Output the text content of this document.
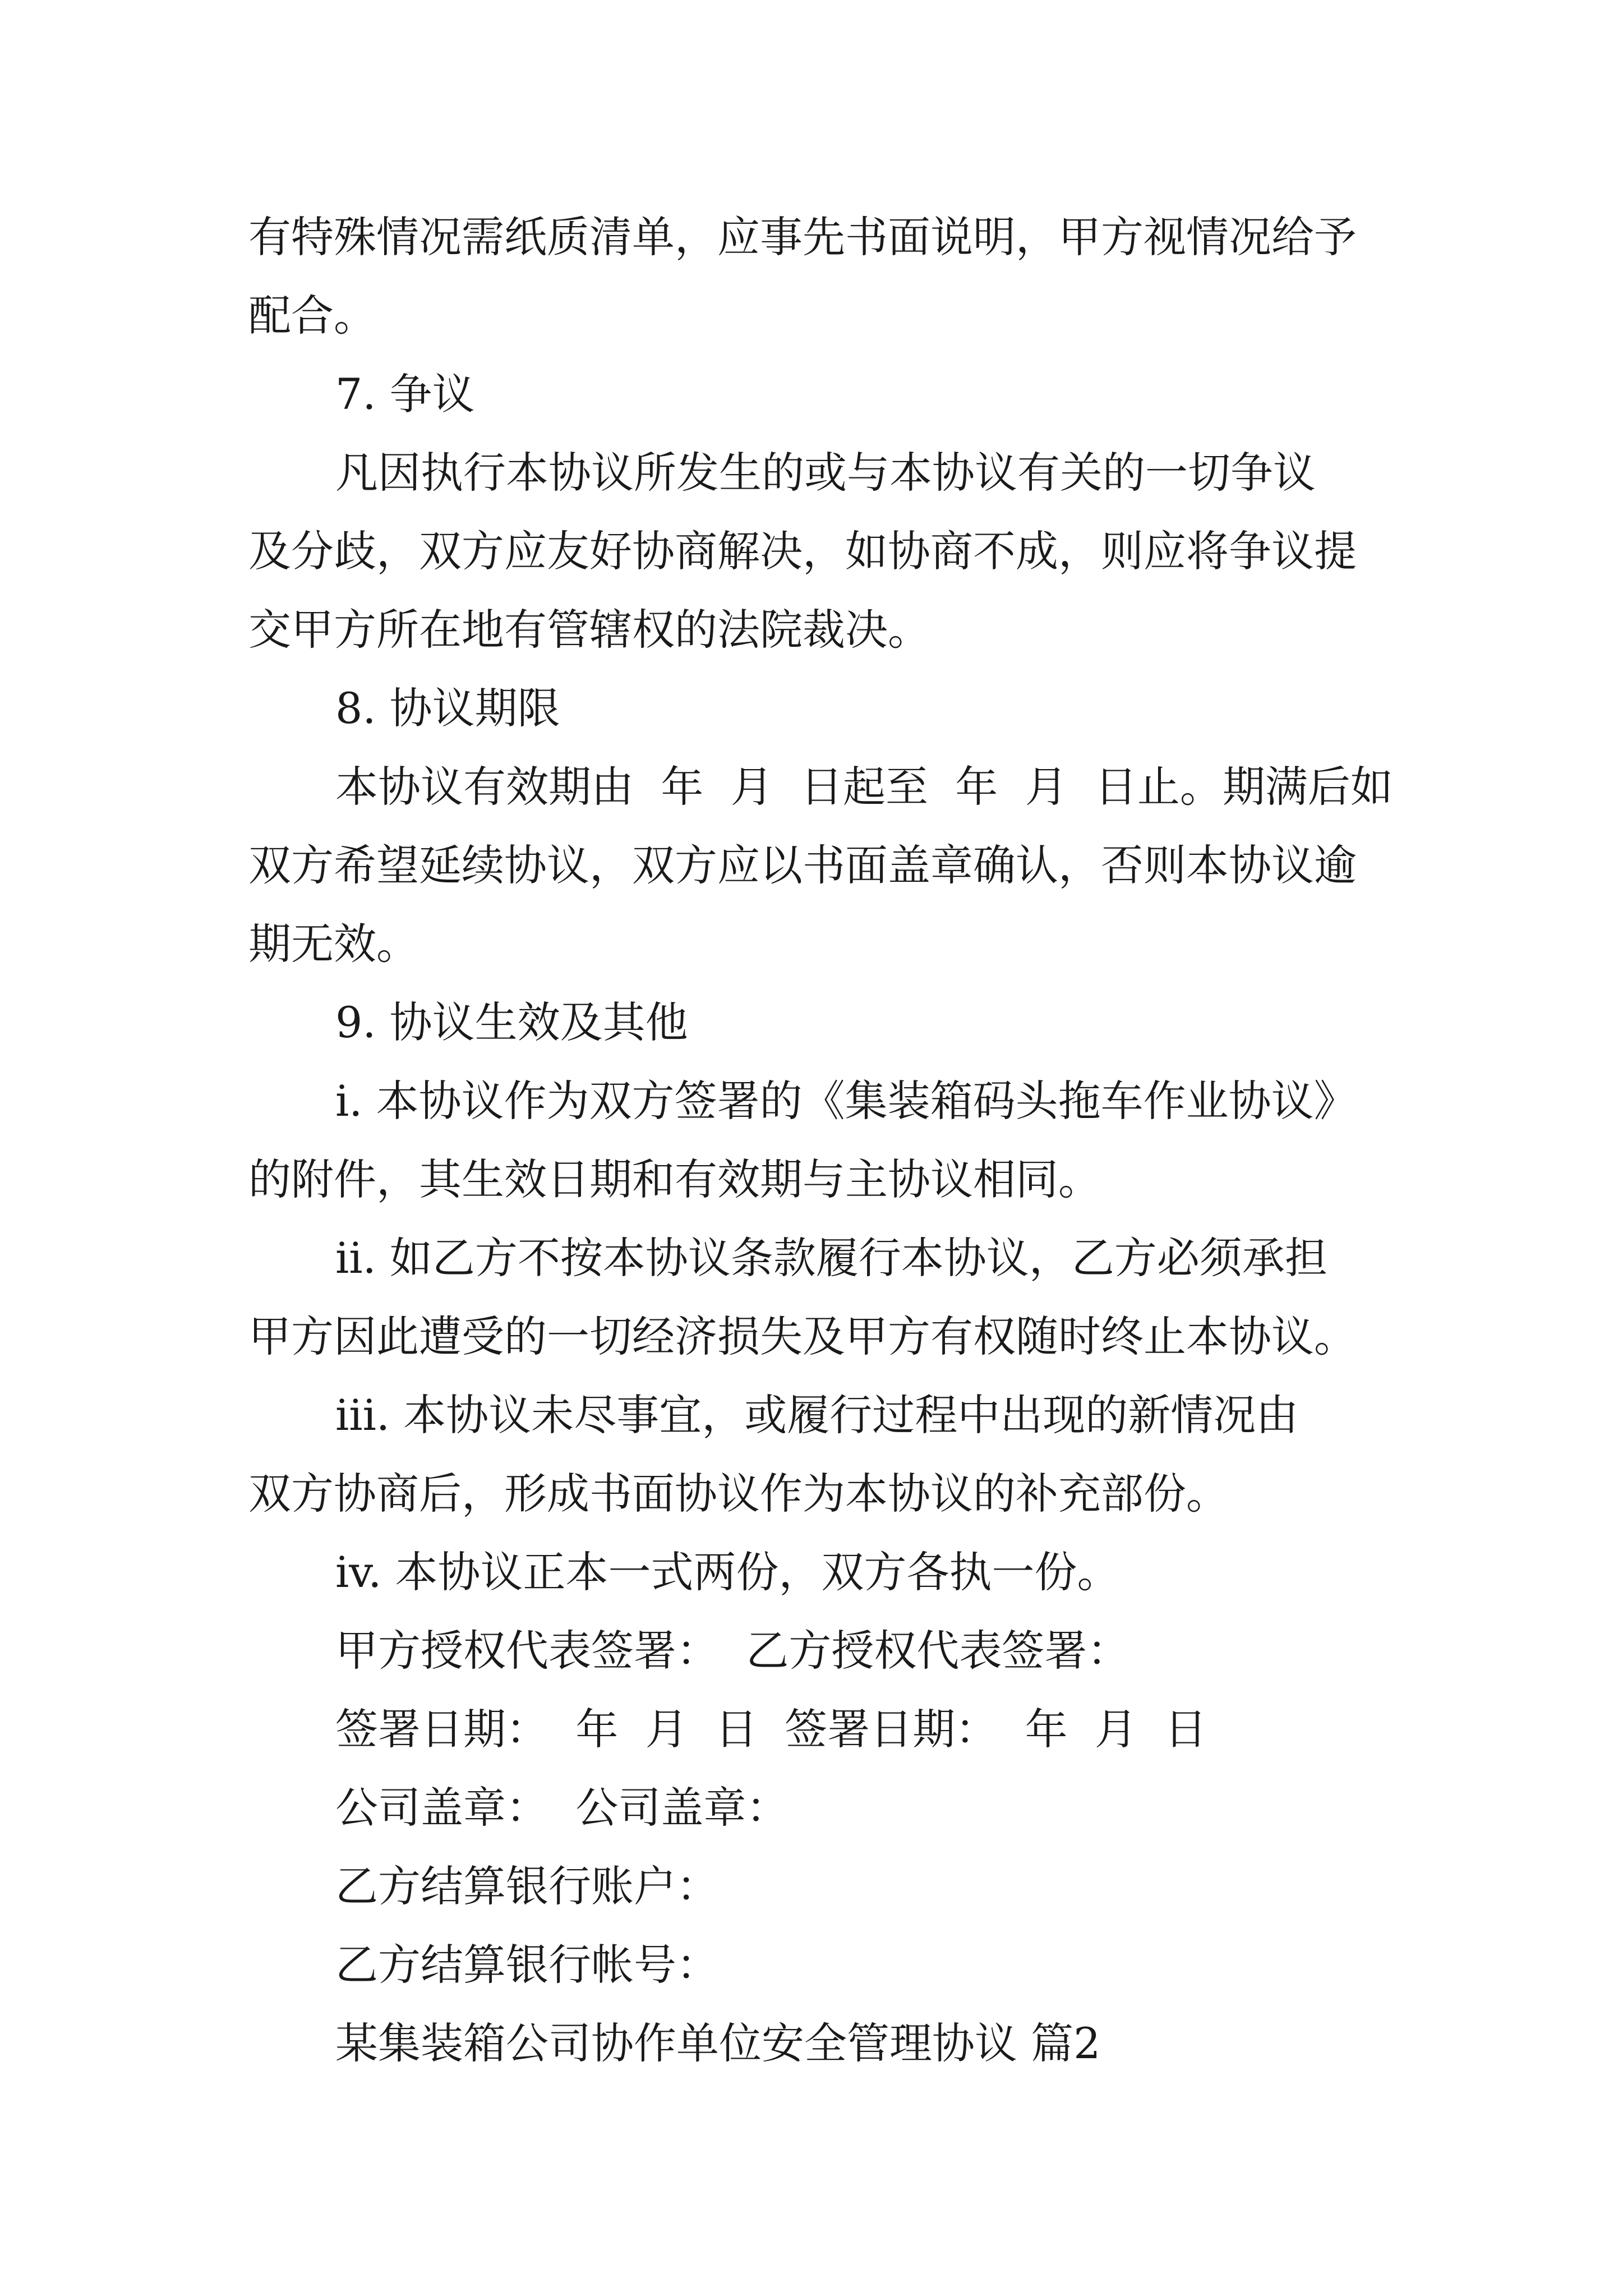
有特殊情况需纸质清单，应事先书面说明，甲方视情况给予
配合。
7. 争议
凡因执行本协议所发生的或与本协议有关的一切争议
及分歧，双方应友好协商解决，如协商不成，则应将争议提
交甲方所在地有管辖权的法院裁决。
8. 协议期限
本协议有效期由  年  月  日起至  年  月  日止。期满后如
双方希望延续协议，双方应以书面盖章确认，否则本协议逾
期无效。
9. 协议生效及其他
i. 本协议作为双方签署的《集装箱码头拖车作业协议》
的附件，其生效日期和有效期与主协议相同。
ii. 如乙方不按本协议条款履行本协议，乙方必须承担
甲方因此遭受的一切经济损失及甲方有权随时终止本协议。
iii. 本协议未尽事宜，或履行过程中出现的新情况由
双方协商后，形成书面协议作为本协议的补充部份。
iv. 本协议正本一式两份，双方各执一份。
甲方授权代表签署：  乙方授权代表签署：
签署日期：  年  月  日  签署日期：  年  月  日
公司盖章：  公司盖章：
乙方结算银行账户：
乙方结算银行帐号：
某集装箱公司协作单位安全管理协议 篇2
